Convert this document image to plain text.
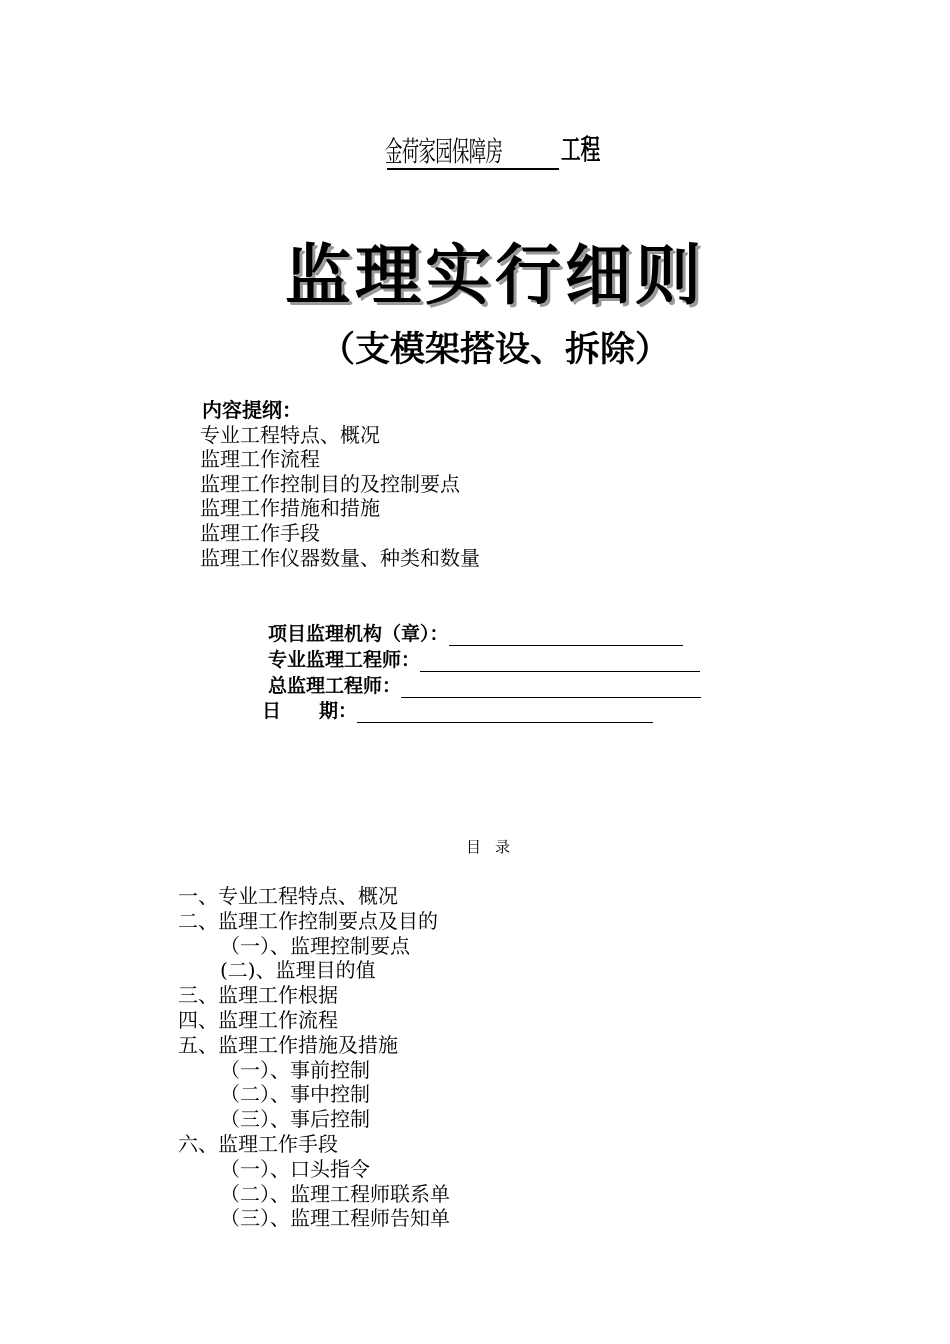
金荷家园保障房 工程
监理实行细则
（支模架搭设、拆除）
内容提纲：
专业工程特点、概况
监理工作流程
监理工作控制目的及控制要点
监理工作措施和措施
监理工作手段
监理工作仪器数量、种类和数量
项目监理机构（章）：
专业监理工程师：
总监理工程师：
日　　期：
目录
一、专业工程特点、概况
二、监理工作控制要点及目的
（一）、监理控制要点
(二)、监理目的值
三、监理工作根据
四、监理工作流程
五、监理工作措施及措施
（一）、事前控制
（二）、事中控制
（三）、事后控制
六、监理工作手段
（一）、口头指令
（二）、监理工程师联系单
（三）、监理工程师告知单
